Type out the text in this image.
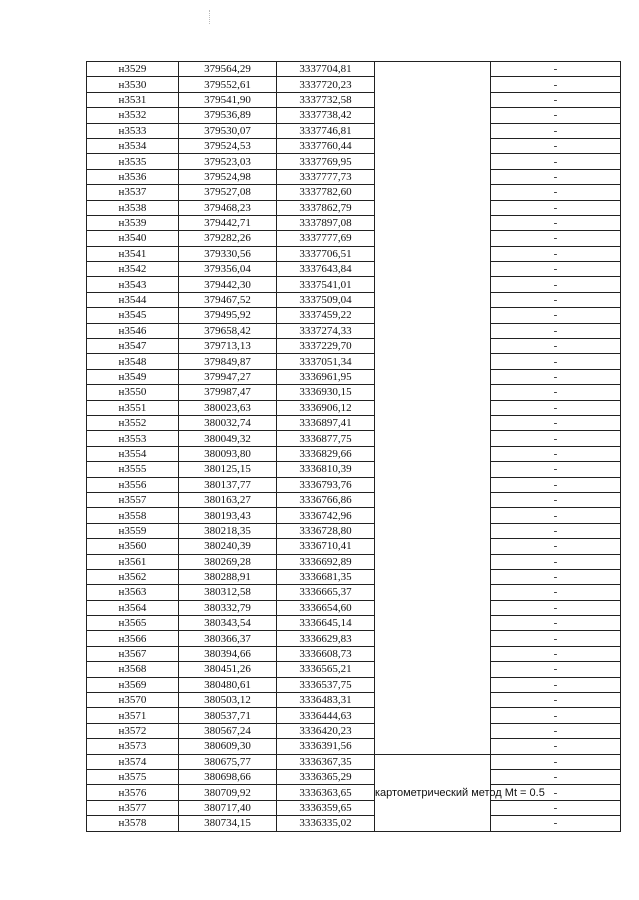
н3529	379564,29	3337704,81		-
н3530	379552,61	3337720,23		-
н3531	379541,90	3337732,58		-
н3532	379536,89	3337738,42		-
н3533	379530,07	3337746,81		-
н3534	379524,53	3337760,44		-
н3535	379523,03	3337769,95		-
н3536	379524,98	3337777,73		-
н3537	379527,08	3337782,60		-
н3538	379468,23	3337862,79		-
н3539	379442,71	3337897,08		-
н3540	379282,26	3337777,69		-
н3541	379330,56	3337706,51		-
н3542	379356,04	3337643,84		-
н3543	379442,30	3337541,01		-
н3544	379467,52	3337509,04		-
н3545	379495,92	3337459,22		-
н3546	379658,42	3337274,33		-
н3547	379713,13	3337229,70		-
н3548	379849,87	3337051,34		-
н3549	379947,27	3336961,95		-
н3550	379987,47	3336930,15		-
н3551	380023,63	3336906,12		-
н3552	380032,74	3336897,41		-
н3553	380049,32	3336877,75		-
н3554	380093,80	3336829,66		-
н3555	380125,15	3336810,39		-
н3556	380137,77	3336793,76		-
н3557	380163,27	3336766,86		-
н3558	380193,43	3336742,96		-
н3559	380218,35	3336728,80		-
н3560	380240,39	3336710,41		-
н3561	380269,28	3336692,89		-
н3562	380288,91	3336681,35		-
н3563	380312,58	3336665,37		-
н3564	380332,79	3336654,60		-
н3565	380343,54	3336645,14		-
н3566	380366,37	3336629,83		-
н3567	380394,66	3336608,73		-
н3568	380451,26	3336565,21		-
н3569	380480,61	3336537,75		-
н3570	380503,12	3336483,31		-
н3571	380537,71	3336444,63		-
н3572	380567,24	3336420,23		-
н3573	380609,30	3336391,56		-
н3574	380675,77	3336367,35	картометрический метод Mt = 0.5	-
н3575	380698,66	3336365,29		-
н3576	380709,92	3336363,65		-
н3577	380717,40	3336359,65		-
н3578	380734,15	3336335,02		-
